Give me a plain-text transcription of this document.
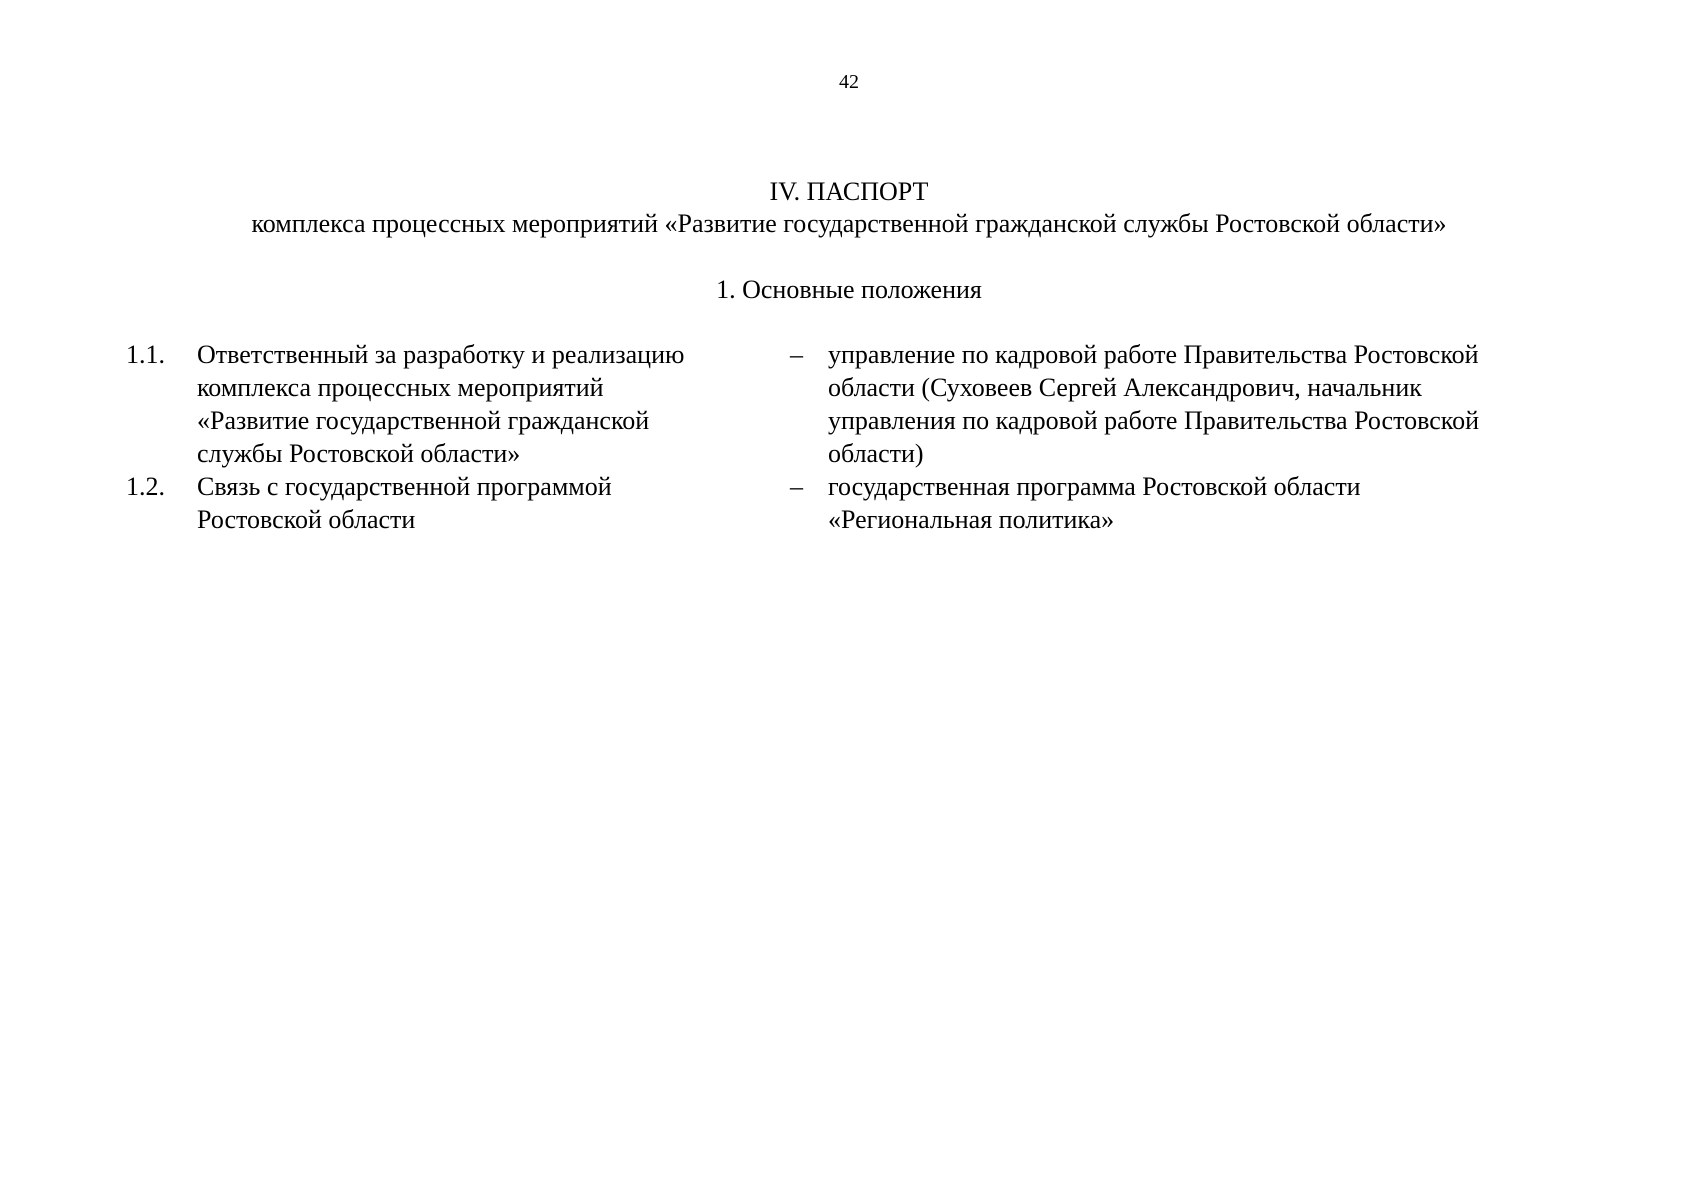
42
IV. ПАСПОРТ
комплекса процессных мероприятий «Развитие государственной гражданской службы Ростовской области»
1. Основные положения
1.1. Ответственный за разработку и реализацию
комплекса процессных мероприятий
«Развитие государственной гражданской
службы Ростовской области»
– управление по кадровой работе Правительства Ростовской
области (Суховеев Сергей Александрович, начальник
управления по кадровой работе Правительства Ростовской
области)
1.2. Связь с государственной программой
Ростовской области
– государственная программа Ростовской области
«Региональная политика»
